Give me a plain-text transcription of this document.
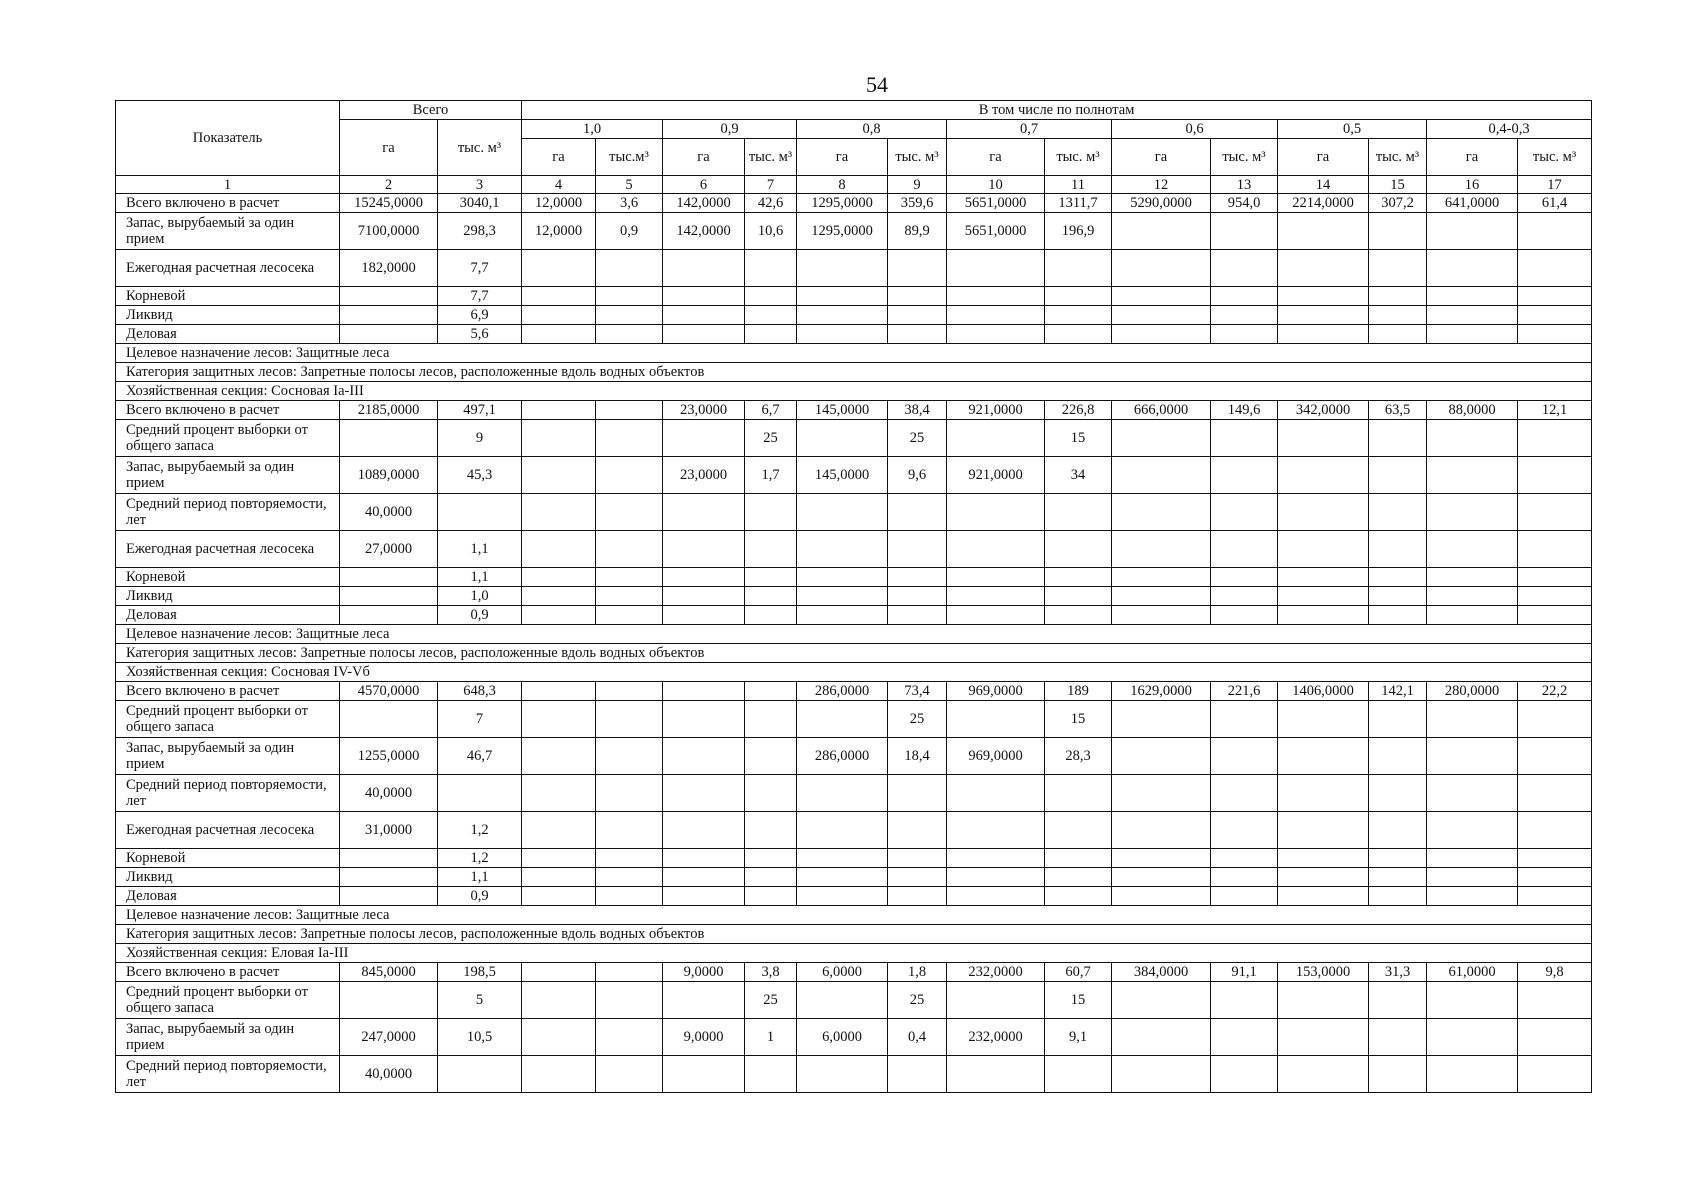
54
Показатель	Всего		В том числе по полнотам													
	га	тыс. м³	1,0		0,9		0,8		0,7		0,6		0,5		0,4-0,3	
			га	тыс.м³	га	тыс. м³	га	тыс. м³	га	тыс. м³	га	тыс. м³	га	тыс. м³	га	тыс. м³
1	2	3	4	5	6	7	8	9	10	11	12	13	14	15	16	17
Всего включено в расчет	15245,0000	3040,1	12,0000	3,6	142,0000	42,6	1295,0000	359,6	5651,0000	1311,7	5290,0000	954,0	2214,0000	307,2	641,0000	61,4
Запас, вырубаемый за один прием	7100,0000	298,3	12,0000	0,9	142,0000	10,6	1295,0000	89,9	5651,0000	196,9						
Ежегодная расчетная лесосека	182,0000	7,7														
Корневой		7,7														
Ликвид		6,9														
Деловая		5,6														
Целевое назначение лесов: Защитные леса																
Категория защитных лесов: Запретные полосы лесов, расположенные вдоль водных объектов																
Хозяйственная секция: Сосновая Ia-III																
Всего включено в расчет	2185,0000	497,1			23,0000	6,7	145,0000	38,4	921,0000	226,8	666,0000	149,6	342,0000	63,5	88,0000	12,1
Средний процент выборки от общего запаса		9				25		25		15						
Запас, вырубаемый за один прием	1089,0000	45,3			23,0000	1,7	145,0000	9,6	921,0000	34						
Средний период повторяемости, лет	40,0000															
Ежегодная расчетная лесосека	27,0000	1,1														
Корневой		1,1														
Ликвид		1,0														
Деловая		0,9														
Целевое назначение лесов: Защитные леса																
Категория защитных лесов: Запретные полосы лесов, расположенные вдоль водных объектов																
Хозяйственная секция: Сосновая IV-Vб																
Всего включено в расчет	4570,0000	648,3					286,0000	73,4	969,0000	189	1629,0000	221,6	1406,0000	142,1	280,0000	22,2
Средний процент выборки от общего запаса		7						25		15						
Запас, вырубаемый за один прием	1255,0000	46,7					286,0000	18,4	969,0000	28,3						
Средний период повторяемости, лет	40,0000															
Ежегодная расчетная лесосека	31,0000	1,2														
Корневой		1,2														
Ликвид		1,1														
Деловая		0,9														
Целевое назначение лесов: Защитные леса																
Категория защитных лесов: Запретные полосы лесов, расположенные вдоль водных объектов																
Хозяйственная секция: Еловая Ia-III																
Всего включено в расчет	845,0000	198,5			9,0000	3,8	6,0000	1,8	232,0000	60,7	384,0000	91,1	153,0000	31,3	61,0000	9,8
Средний процент выборки от общего запаса		5				25		25		15						
Запас, вырубаемый за один прием	247,0000	10,5			9,0000	1	6,0000	0,4	232,0000	9,1						
Средний период повторяемости, лет	40,0000															
